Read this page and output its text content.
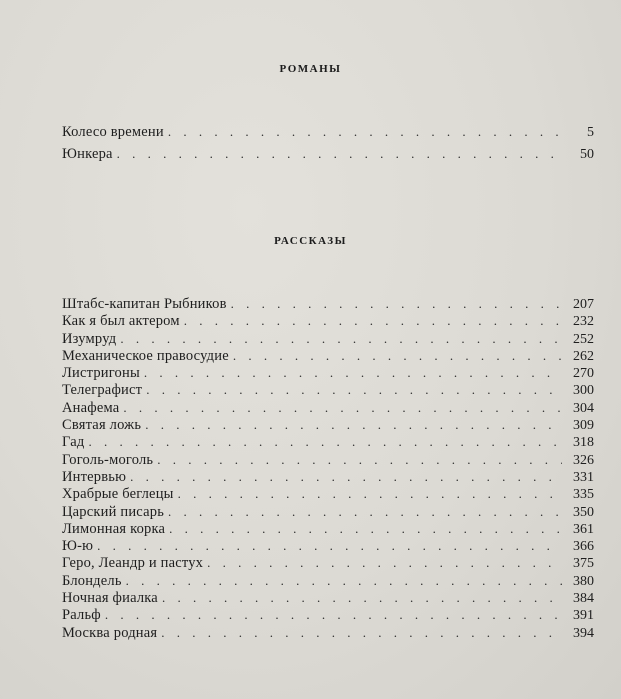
РОМАНЫ
Колесо времени . . .	5
Юнкера . . .	50
РАССКАЗЫ
Штабс-капитан Рыбников . . .	207
Как я был актером . . .	232
Изумруд . . .	252
Механическое правосудие . . .	262
Листригоны . . .	270
Телеграфист . . .	300
Анафема . . .	304
Святая ложь . . .	309
Гад . . .	318
Гоголь-моголь . . .	326
Интервью . . .	331
Храбрые беглецы . . .	335
Царский писарь . . .	350
Лимонная корка . . .	361
Ю-ю . . .	366
Геро, Леандр и пастух . . .	375
Блондель . . .	380
Ночная фиалка . . .	384
Ральф . . .	391
Москва родная . . .	394
